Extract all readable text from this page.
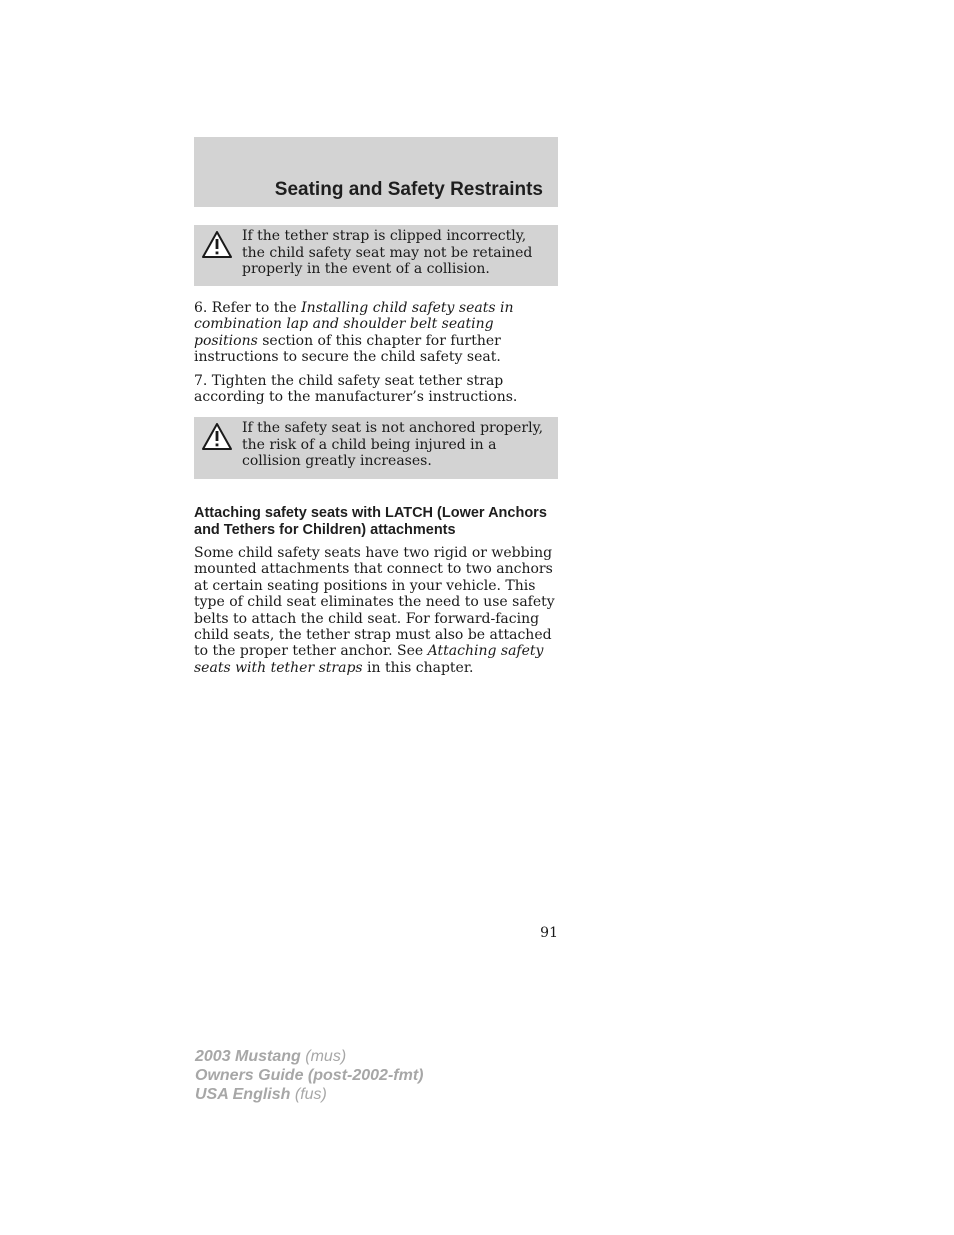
Seating and Safety Restraints
If the tether strap is clipped incorrectly, the child safety seat may not be retained properly in the event of a collision.
6. Refer to the Installing child safety seats in combination lap and shoulder belt seating positions section of this chapter for further instructions to secure the child safety seat.
7. Tighten the child safety seat tether strap according to the manufacturer’s instructions.
If the safety seat is not anchored properly, the risk of a child being injured in a collision greatly increases.
Attaching safety seats with LATCH (Lower Anchors and Tethers for Children) attachments
Some child safety seats have two rigid or webbing mounted attachments that connect to two anchors at certain seating positions in your vehicle. This type of child seat eliminates the need to use safety belts to attach the child seat. For forward-facing child seats, the tether strap must also be attached to the proper tether anchor. See Attaching safety seats with tether straps in this chapter.
91
2003 Mustang (mus)
Owners Guide (post-2002-fmt)
USA English (fus)
